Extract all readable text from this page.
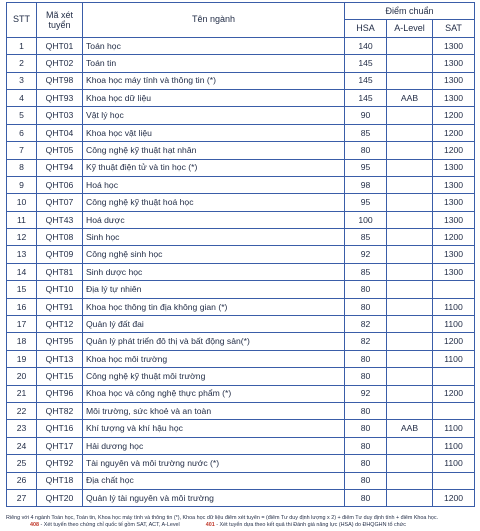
STT	Mã xét tuyển	Tên ngành	Điểm chuẩn		
			HSA	A-Level	SAT
1	QHT01	Toán học	140		1300
2	QHT02	Toán tin	145		1300
3	QHT98	Khoa học máy tính và thông tin (*)	145		1300
4	QHT93	Khoa học dữ liệu	145	AAB	1300
5	QHT03	Vật lý học	90		1200
6	QHT04	Khoa học vật liệu	85		1200
7	QHT05	Công nghệ kỹ thuật hạt nhân	80		1200
8	QHT94	Kỹ thuật điện tử và tin học (*)	95		1300
9	QHT06	Hoá học	98		1300
10	QHT07	Công nghệ kỹ thuật hoá học	95		1300
11	QHT43	Hoá dược	100		1300
12	QHT08	Sinh học	85		1200
13	QHT09	Công nghệ sinh học	92		1300
14	QHT81	Sinh dược học	85		1300
15	QHT10	Địa lý tự nhiên	80		
16	QHT91	Khoa học thông tin địa không gian (*)	80		1100
17	QHT12	Quản lý đất đai	82		1100
18	QHT95	Quản lý phát triển đô thị và bất động sản(*)	82		1200
19	QHT13	Khoa học môi trường	80		1100
20	QHT15	Công nghệ kỹ thuật môi trường	80		
21	QHT96	Khoa học và công nghệ thực phẩm (*)	92		1200
22	QHT82	Môi trường, sức khoẻ và an toàn	80		
23	QHT16	Khí tượng và khí hậu học	80	AAB	1100
24	QHT17	Hải dương học	80		1100
25	QHT92	Tài nguyên và môi trường nước (*)	80		1100
26	QHT18	Địa chất học	80		
27	QHT20	Quản lý tài nguyên và môi trường	80		1200
Riêng với 4 ngành Toán học, Toán tin, Khoa học máy tính và thông tin (*), Khoa học dữ liệu điểm xét tuyển = (điểm Tư duy định lượng x 2) + điểm Tư duy định tính + điểm Khoa học.
408 - Xét tuyển theo chứng chỉ quốc tế gồm SAT, ACT, A-Level	401 - Xét tuyển dựa theo kết quả thi Đánh giá năng lực (HSA) do ĐHQGHN tổ chức
